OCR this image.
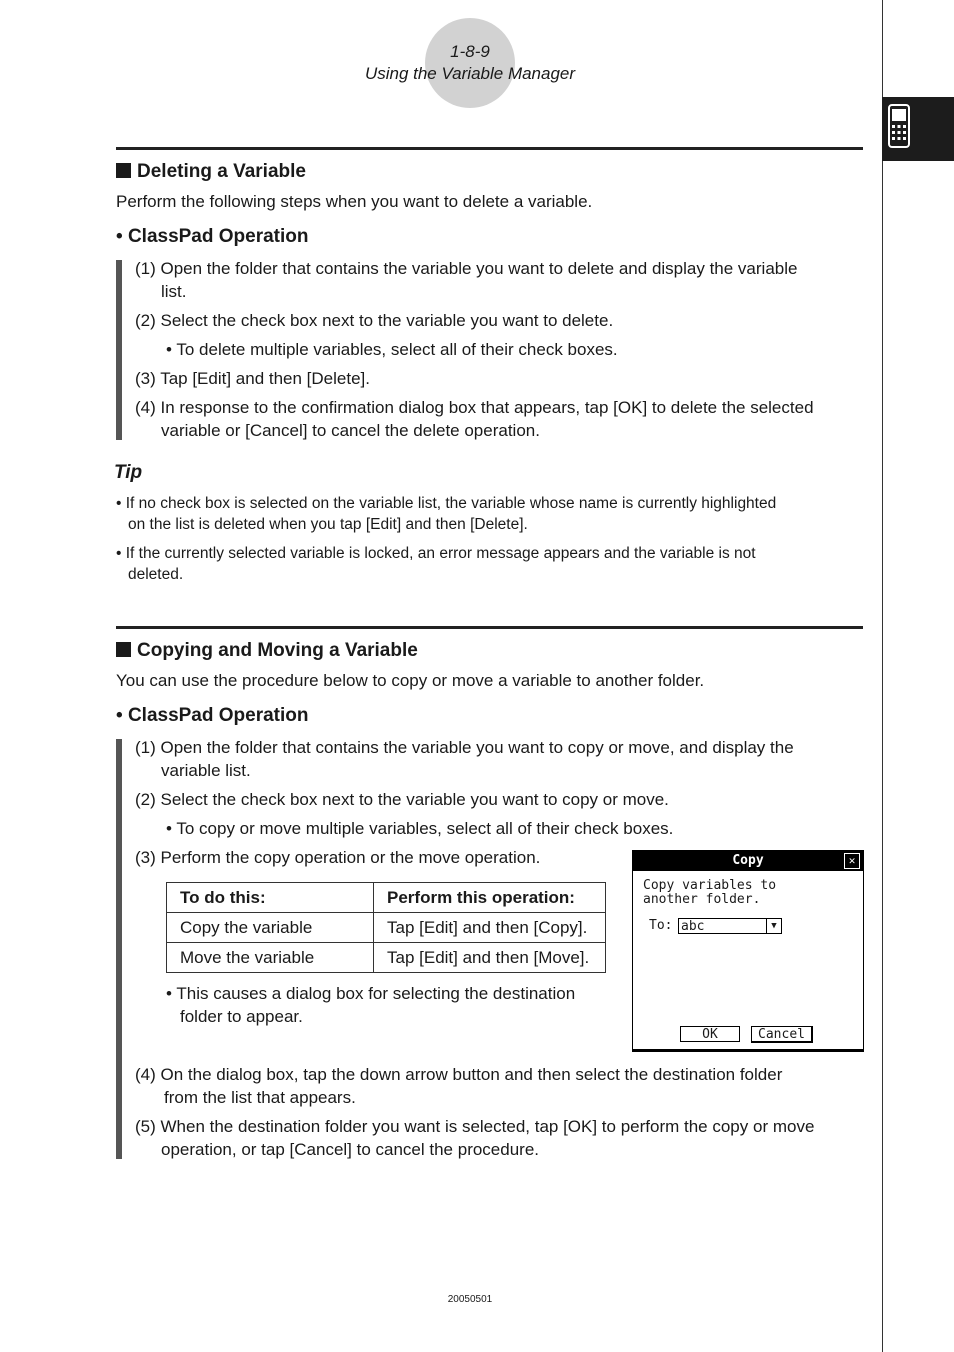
1-8-9
Using the Variable Manager
Deleting a Variable
Perform the following steps when you want to delete a variable.
• ClassPad Operation
(1) Open the folder that contains the variable you want to delete and display the variable
list.
(2) Select the check box next to the variable you want to delete.
• To delete multiple variables, select all of their check boxes.
(3) Tap [Edit] and then [Delete].
(4) In response to the confirmation dialog box that appears, tap [OK] to delete the selected
variable or [Cancel] to cancel the delete operation.
Tip
• If no check box is selected on the variable list, the variable whose name is currently highlighted
on the list is deleted when you tap [Edit] and then [Delete].
• If the currently selected variable is locked, an error message appears and the variable is not
deleted.
Copying and Moving a Variable
You can use the procedure below to copy or move a variable to another folder.
• ClassPad Operation
(1) Open the folder that contains the variable you want to copy or move, and display the
variable list.
(2) Select the check box next to the variable you want to copy or move.
• To copy or move multiple variables, select all of their check boxes.
(3) Perform the copy operation or the move operation.
To do this:	Perform this operation:
Copy the variable	Tap [Edit] and then [Copy].
Move the variable	Tap [Edit] and then [Move].
• This causes a dialog box for selecting the destination
folder to appear.
Copy	✕
Copy variables to
another folder.
To: abc	▼
OK	Cancel
(4) On the dialog box, tap the down arrow button and then select the destination folder
from the list that appears.
(5) When the destination folder you want is selected, tap [OK] to perform the copy or move
operation, or tap [Cancel] to cancel the procedure.
20050501
